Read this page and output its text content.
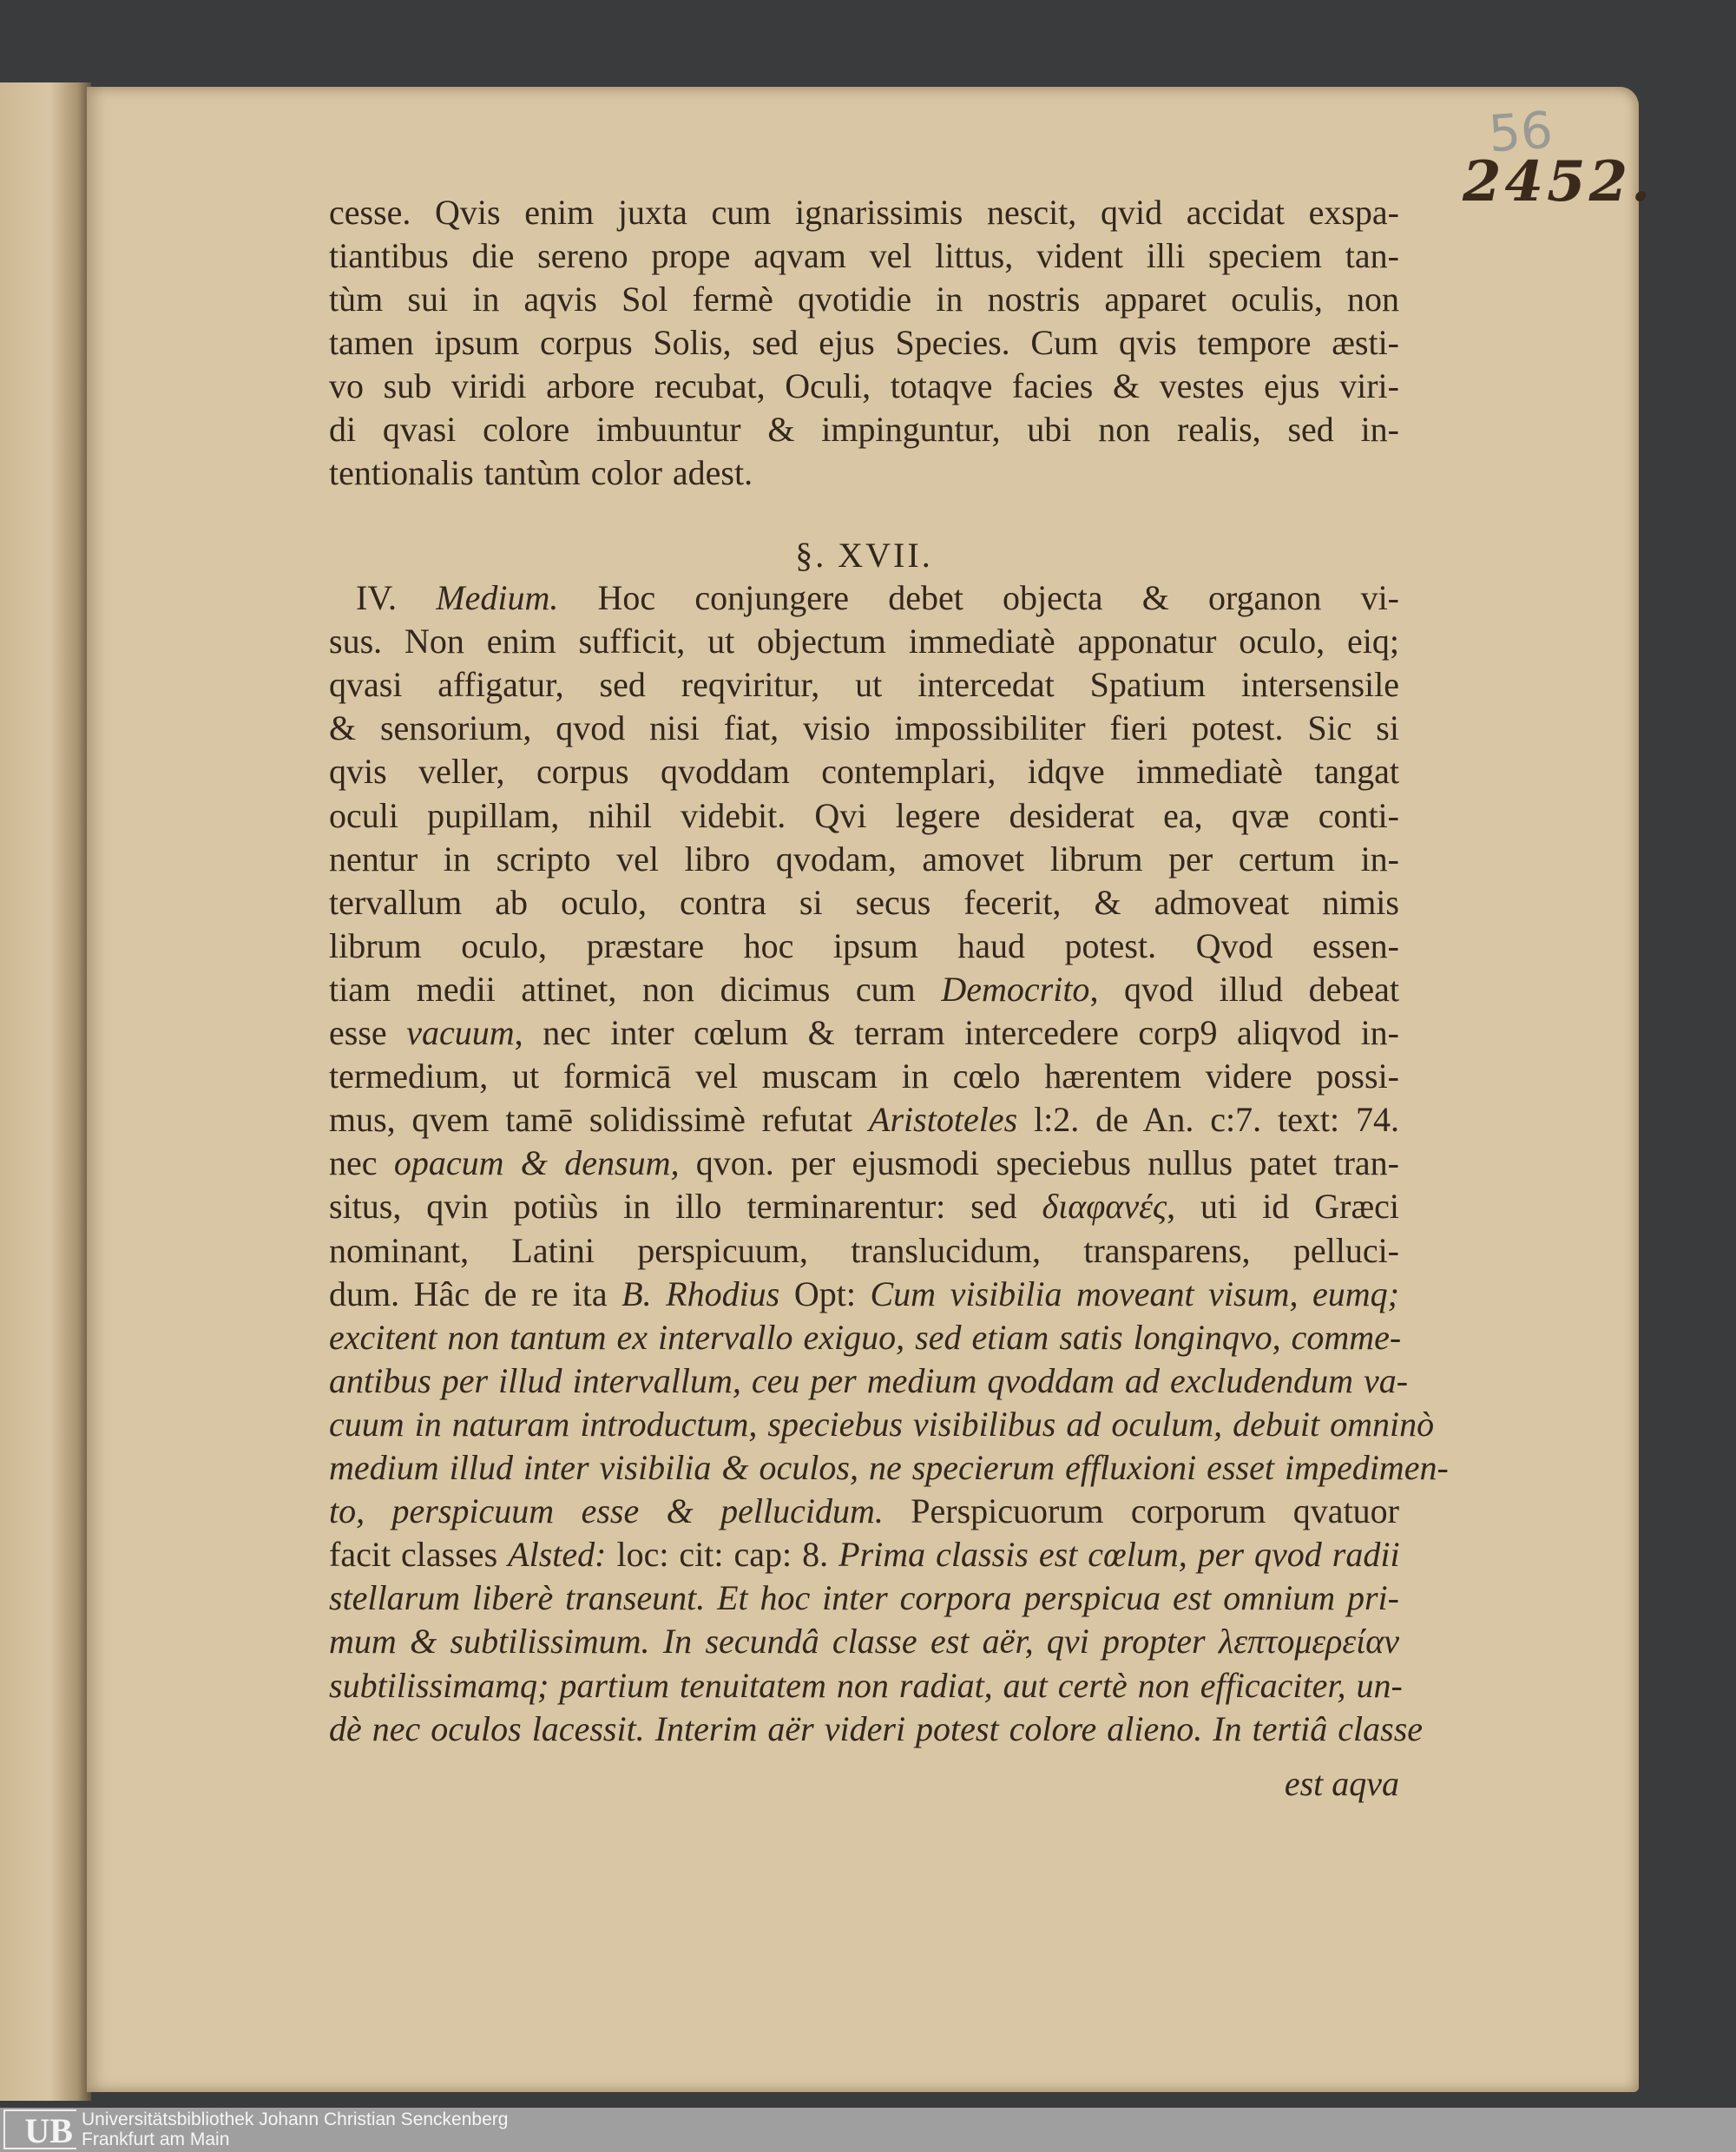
56
2452.
cesse. Qvis enim juxta cum ignarissimis nescit, qvid accidat exspa-
tiantibus die sereno prope aqvam vel littus, vident illi speciem tan-
tùm sui in aqvis Sol fermè qvotidie in nostris apparet oculis, non
tamen ipsum corpus Solis, sed ejus Species. Cum qvis tempore æsti-
vo sub viridi arbore recubat, Oculi, totaqve facies & vestes ejus viri-
di qvasi colore imbuuntur & impinguntur, ubi non realis, sed in-
tentionalis tantùm color adest.
IV. Medium. Hoc conjungere debet objecta & organon vi-
sus. Non enim sufficit, ut objectum immediatè apponatur oculo, eiq;
qvasi affigatur, sed reqviritur, ut intercedat Spatium intersensile
& sensorium, qvod nisi fiat, visio impossibiliter fieri potest. Sic si
qvis veller, corpus qvoddam contemplari, idqve immediatè tangat
oculi pupillam, nihil videbit. Qvi legere desiderat ea, qvæ conti-
nentur in scripto vel libro qvodam, amovet librum per certum in-
tervallum ab oculo, contra si secus fecerit, & admoveat nimis
librum oculo, præstare hoc ipsum haud potest. Qvod essen-
tiam medii attinet, non dicimus cum Democrito, qvod illud debeat
esse vacuum, nec inter cœlum & terram intercedere corp9 aliqvod in-
termedium, ut formicā vel muscam in cœlo hærentem videre possi-
mus, qvem tamē solidissimè refutat Aristoteles l:2. de An. c:7. text: 74.
nec opacum & densum, qvon. per ejusmodi speciebus nullus patet tran-
situs, qvin potiùs in illo terminarentur: sed διαφανές, uti id Græci
nominant, Latini perspicuum, translucidum, transparens, pelluci-
dum. Hâc de re ita B. Rhodius Opt: Cum visibilia moveant visum, eumq;
excitent non tantum ex intervallo exiguo, sed etiam satis longinqvo, comme-
antibus per illud intervallum, ceu per medium qvoddam ad excludendum va-
cuum in naturam introductum, speciebus visibilibus ad oculum, debuit omninò
medium illud inter visibilia & oculos, ne specierum effluxioni esset impedimen-
to, perspicuum esse & pellucidum. Perspicuorum corporum qvatuor
facit classes Alsted: loc: cit: cap: 8. Prima classis est cœlum, per qvod radii
stellarum liberè transeunt. Et hoc inter corpora perspicua est omnium pri-
mum & subtilissimum. In secundâ classe est aër, qvi propter λεπτομερείαν
subtilissimamq; partium tenuitatem non radiat, aut certè non efficaciter, un-
dè nec oculos lacessit. Interim aër videri potest colore alieno. In tertiâ classe
§. XVII.
est aqva
UB Universitätsbibliothek Johann Christian Senckenberg
Frankfurt am Main
